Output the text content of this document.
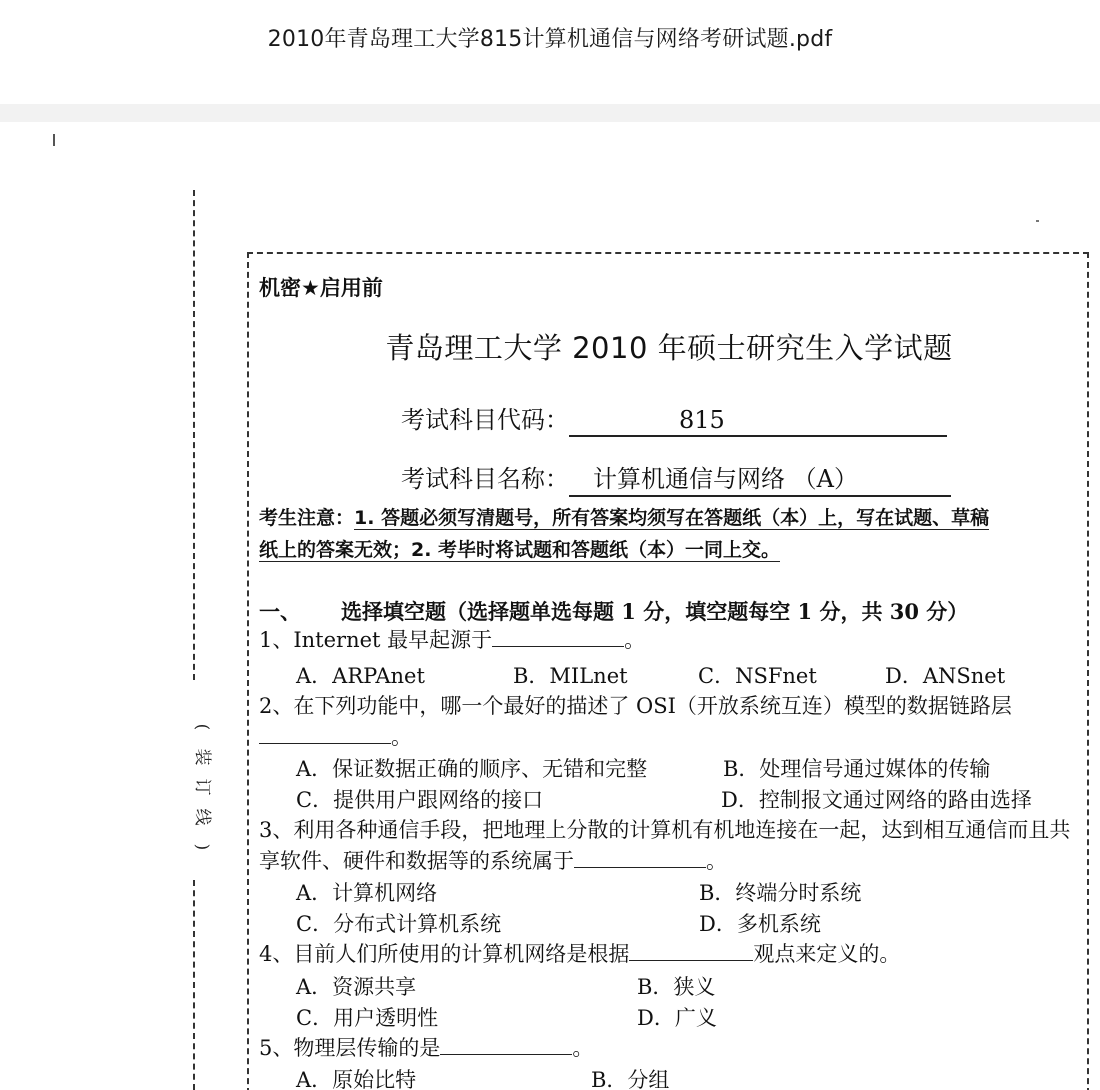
2010年青岛理工大学815计算机通信与网络考研试题.pdf
(
装
订
线
)
机密★启用前
青岛理工大学 2010 年硕士研究生入学试题
考试科目代码：	815
考试科目名称： 计算机通信与网络 （A）
考生注意：1. 答题必须写清题号，所有答案均须写在答题纸（本）上，写在试题、草稿
纸上的答案无效；2. 考毕时将试题和答题纸（本）一同上交。
一、 选择填空题（选择题单选每题 1 分，填空题每空 1 分，共 30 分）
1、Internet 最早起源于	。
A．ARPAnet	B．MILnet	C．NSFnet	D．ANSnet
2、在下列功能中，哪一个最好的描述了 OSI（开放系统互连）模型的数据链路层。
A．保证数据正确的顺序、无错和完整	B．处理信号通过媒体的传输
C．提供用户跟网络的接口	D．控制报文通过网络的路由选择
3、利用各种通信手段，把地理上分散的计算机有机地连接在一起，达到相互通信而且共享软件、硬件和数据等的系统属于	。
A．计算机网络	B．终端分时系统
C．分布式计算机系统	D．多机系统
4、目前人们所使用的计算机网络是根据	观点来定义的。
A．资源共享	B．狭义
C．用户透明性	D．广义
5、物理层传输的是	。
A．原始比特	B．分组
